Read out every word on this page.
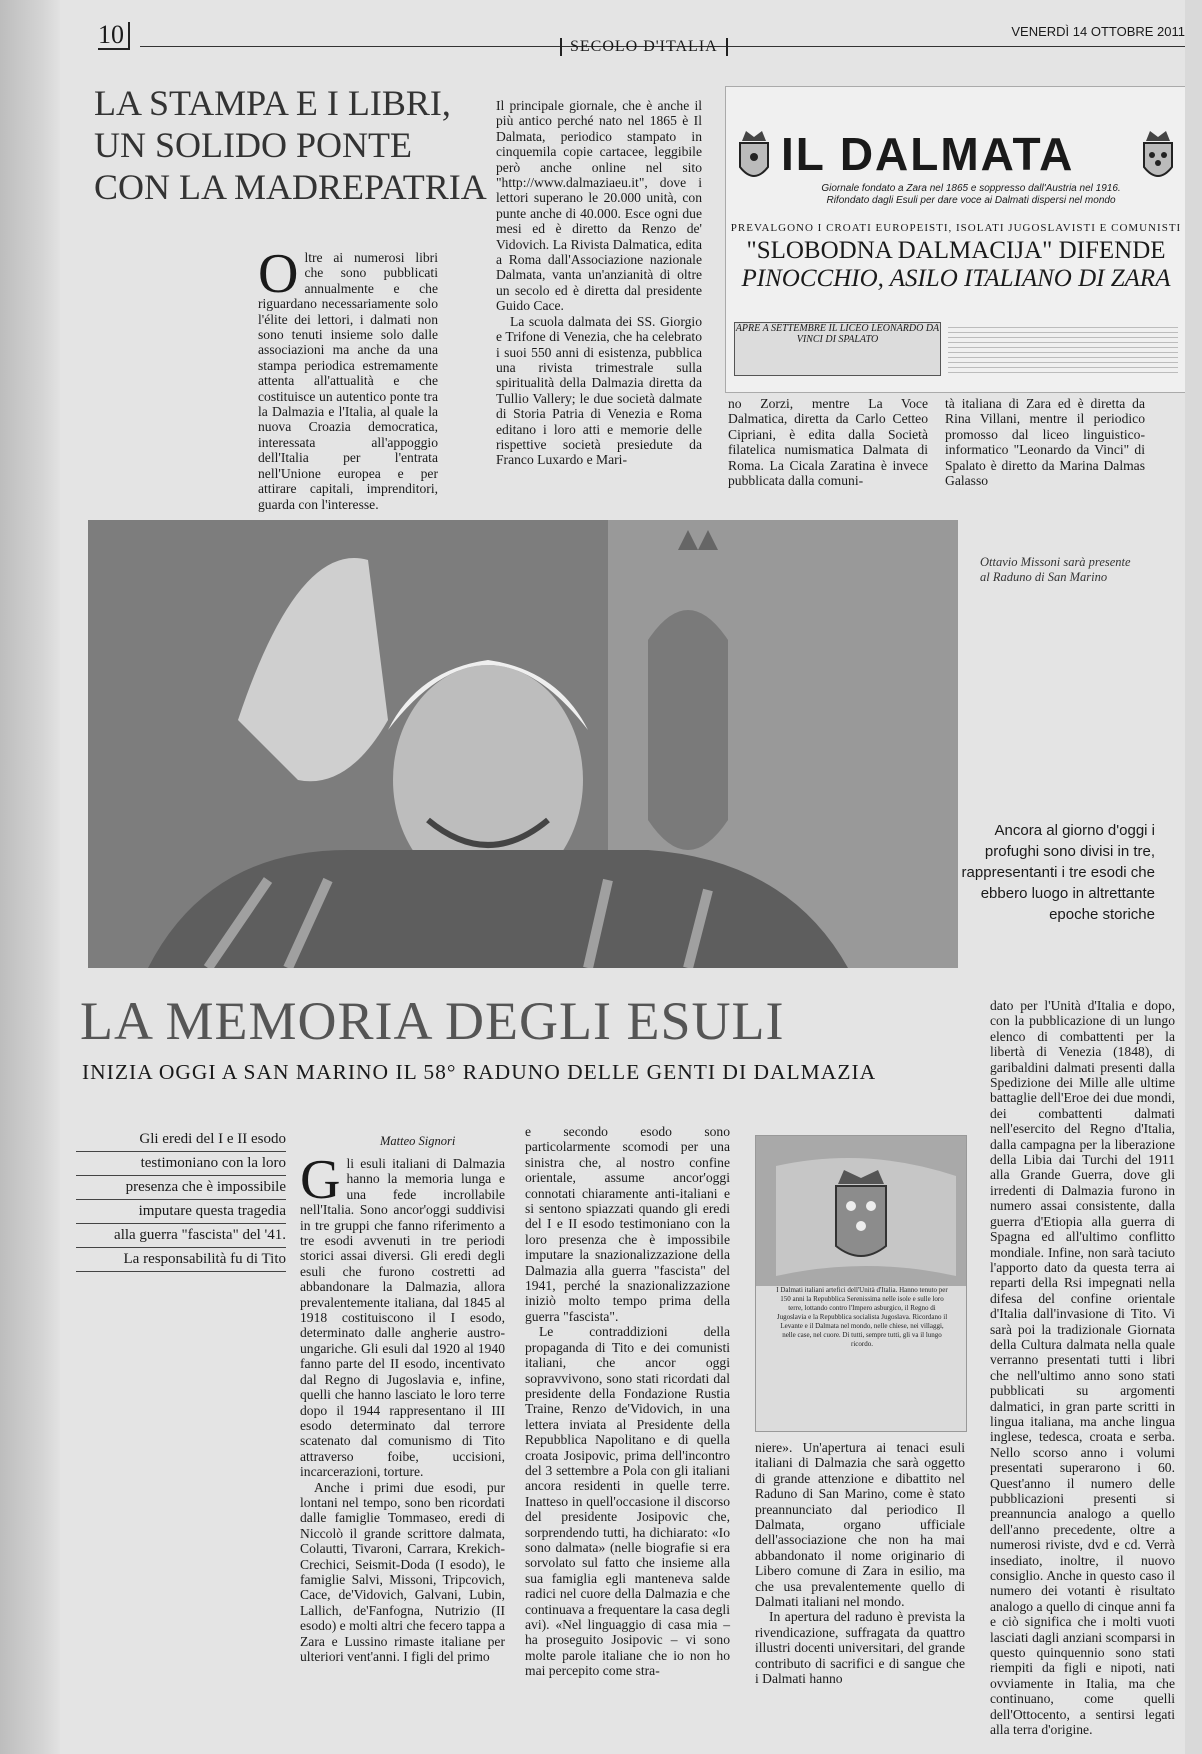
10	SECOLO D'ITALIA
VENERDÌ 14 OTTOBRE 2011
LA STAMPA E I LIBRI,
UN SOLIDO PONTE
CON LA MADREPATRIA
Oltre ai numerosi libri che sono pubblicati annualmente e che riguardano necessariamente solo l'élite dei lettori, i dalmati non sono tenuti insieme solo dalle associazioni ma anche da una stampa periodica estremamente attenta all'attualità e che costituisce un autentico ponte tra la Dalmazia e l'Italia, al quale la nuova Croazia democratica, interessata all'appoggio dell'Italia per l'entrata nell'Unione europea e per attirare capitali, imprenditori, guarda con l'interesse.

Il principale giornale, che è anche il più antico perché nato nel 1865 è Il Dalmata, periodico stampato in cinquemila copie cartacee, leggibile però anche online nel sito "http://www.dalmaziaeu.it", dove i lettori superano le 20.000 unità, con punte anche di 40.000. Esce ogni due mesi ed è diretto da Renzo de' Vidovich. La Rivista Dalmatica, edita a Roma dall'Associazione nazionale Dalmata, vanta un'anzianità di oltre un secolo ed è diretta dal presidente Guido Cace.

La scuola dalmata dei SS. Giorgio e Trifone di Venezia, che ha celebrato i suoi 550 anni di esistenza, pubblica una rivista trimestrale sulla spiritualità della Dalmazia diretta da Tullio Vallery; le due società dalmate di Storia Patria di Venezia e Roma editano i loro atti e memorie delle rispettive società presiedute da Franco Luxardo e Mari-

no Zorzi, mentre La Voce Dalmatica, diretta da Carlo Cetteo Cipriani, è edita dalla Società filatelica numismatica Dalmata di Roma. La Cicala Zaratina è invece pubblicata dalla comuni-

tà italiana di Zara ed è diretta da Rina Villani, mentre il periodico promosso dal liceo linguistico-informatico "Leonardo da Vinci" di Spalato è diretto da Marina Dalmas Galasso

IL DALMATA
Giornale fondato a Zara nel 1865 e soppresso dall'Austria nel 1916. Rifondato dagli Esuli per dare voce ai Dalmati dispersi nel mondo
PREVALGONO I CROATI EUROPEISTI, ISOLATI JUGOSLAVISTI E COMUNISTI
"SLOBODNA DALMACIJA" DIFENDE
PINOCCHIO, ASILO ITALIANO DI ZARA
APRE A SETTEMBRE IL LICEO LEONARDO DA VINCI DI SPALATO
Ottavio Missoni sarà presente al Raduno di San Marino
Ancora al giorno d'oggi i profughi sono divisi in tre, rappresentanti i tre esodi che ebbero luogo in altrettante epoche storiche
LA MEMORIA DEGLI ESULI
INIZIA OGGI A SAN MARINO IL 58° RADUNO DELLE GENTI DI DALMAZIA
Gli eredi del I e II esodo
testimoniano con la loro
presenza che è impossibile
imputare questa tragedia
alla guerra "fascista" del '41.
La responsabilità fu di Tito
Matteo Signori
Gli esuli italiani di Dalmazia hanno la memoria lunga e una fede incrollabile nell'Italia. Sono ancor'oggi suddivisi in tre gruppi che fanno riferimento a tre esodi avvenuti in tre periodi storici assai diversi. Gli eredi degli esuli che furono costretti ad abbandonare la Dalmazia, allora prevalentemente italiana, dal 1845 al 1918 costituiscono il I esodo, determinato dalle angherie austro-ungariche. Gli esuli dal 1920 al 1940 fanno parte del II esodo, incentivato dal Regno di Jugoslavia e, infine, quelli che hanno lasciato le loro terre dopo il 1944 rappresentano il III esodo determinato dal terrore scatenato dal comunismo di Tito attraverso foibe, uccisioni, incarcerazioni, torture.

Anche i primi due esodi, pur lontani nel tempo, sono ben ricordati dalle famiglie Tommaseo, eredi di Niccolò il grande scrittore dalmata, Colautti, Tivaroni, Carrara, Krekich-Crechici, Seismit-Doda (I esodo), le famiglie Salvi, Missoni, Tripcovich, Cace, de'Vidovich, Galvani, Lubin, Lallich, de'Fanfogna, Nutrizio (II esodo) e molti altri che fecero tappa a Zara e Lussino rimaste italiane per ulteriori vent'anni. I figli del primo

e secondo esodo sono particolarmente scomodi per una sinistra che, al nostro confine orientale, assume ancor'oggi connotati chiaramente anti-italiani e si sentono spiazzati quando gli eredi del I e II esodo testimoniano con la loro presenza che è impossibile imputare la snazionalizzazione della Dalmazia alla guerra "fascista" del 1941, perché la snazionalizzazione iniziò molto tempo prima della guerra "fascista".

Le contraddizioni della propaganda di Tito e dei comunisti italiani, che ancor oggi sopravvivono, sono stati ricordati dal presidente della Fondazione Rustia Traine, Renzo de'Vidovich, in una lettera inviata al Presidente della Repubblica Napolitano e di quella croata Josipovic, prima dell'incontro del 3 settembre a Pola con gli italiani ancora residenti in quelle terre. Inatteso in quell'occasione il discorso del presidente Josipovic che, sorprendendo tutti, ha dichiarato: «Io sono dalmata» (nelle biografie si era sorvolato sul fatto che insieme alla sua famiglia egli manteneva salde radici nel cuore della Dalmazia e che continuava a frequentare la casa degli avi). «Nel linguaggio di casa mia – ha proseguito Josipovic – vi sono molte parole italiane che io non ho mai percepito come stra-

I Dalmati italiani artefici dell'Unità d'Italia. Hanno tenuto per 150 anni la Repubblica Serenissima nelle isole e sulle loro terre, lottando contro l'Impero asburgico, il Regno di Jugoslavia e la Repubblica socialista Jugoslava. Ricordano il Levante e il Dalmata nel mondo, nelle chiese, nei villaggi, nelle case, nel cuore. Di tutti, sempre tutti, gli va il lungo ricordo.

niere». Un'apertura ai tenaci esuli italiani di Dalmazia che sarà oggetto di grande attenzione e dibattito nel Raduno di San Marino, come è stato preannunciato dal periodico Il Dalmata, organo ufficiale dell'associazione che non ha mai abbandonato il nome originario di Libero comune di Zara in esilio, ma che usa prevalentemente quello di Dalmati italiani nel mondo.

In apertura del raduno è prevista la rivendicazione, suffragata da quattro illustri docenti universitari, del grande contributo di sacrifici e di sangue che i Dalmati hanno

dato per l'Unità d'Italia e dopo, con la pubblicazione di un lungo elenco di combattenti per la libertà di Venezia (1848), di garibaldini dalmati presenti dalla Spedizione dei Mille alle ultime battaglie dell'Eroe dei due mondi, dei combattenti dalmati nell'esercito del Regno d'Italia, dalla campagna per la liberazione della Libia dai Turchi del 1911 alla Grande Guerra, dove gli irredenti di Dalmazia furono in numero assai consistente, dalla guerra d'Etiopia alla guerra di Spagna ed all'ultimo conflitto mondiale. Infine, non sarà taciuto l'apporto dato da questa terra ai reparti della Rsi impegnati nella difesa del confine orientale d'Italia dall'invasione di Tito. Vi sarà poi la tradizionale Giornata della Cultura dalmata nella quale verranno presentati tutti i libri che nell'ultimo anno sono stati pubblicati su argomenti dalmatici, in gran parte scritti in lingua italiana, ma anche lingua inglese, tedesca, croata e serba. Nello scorso anno i volumi presentati superarono i 60. Quest'anno il numero delle pubblicazioni presenti si preannuncia analogo a quello dell'anno precedente, oltre a numerosi riviste, dvd e cd. Verrà insediato, inoltre, il nuovo consiglio. Anche in questo caso il numero dei votanti è risultato analogo a quello di cinque anni fa e ciò significa che i molti vuoti lasciati dagli anziani scomparsi in questo quinquennio sono stati riempiti da figli e nipoti, nati ovviamente in Italia, ma che continuano, come quelli dell'Ottocento, a sentirsi legati alla terra d'origine.
